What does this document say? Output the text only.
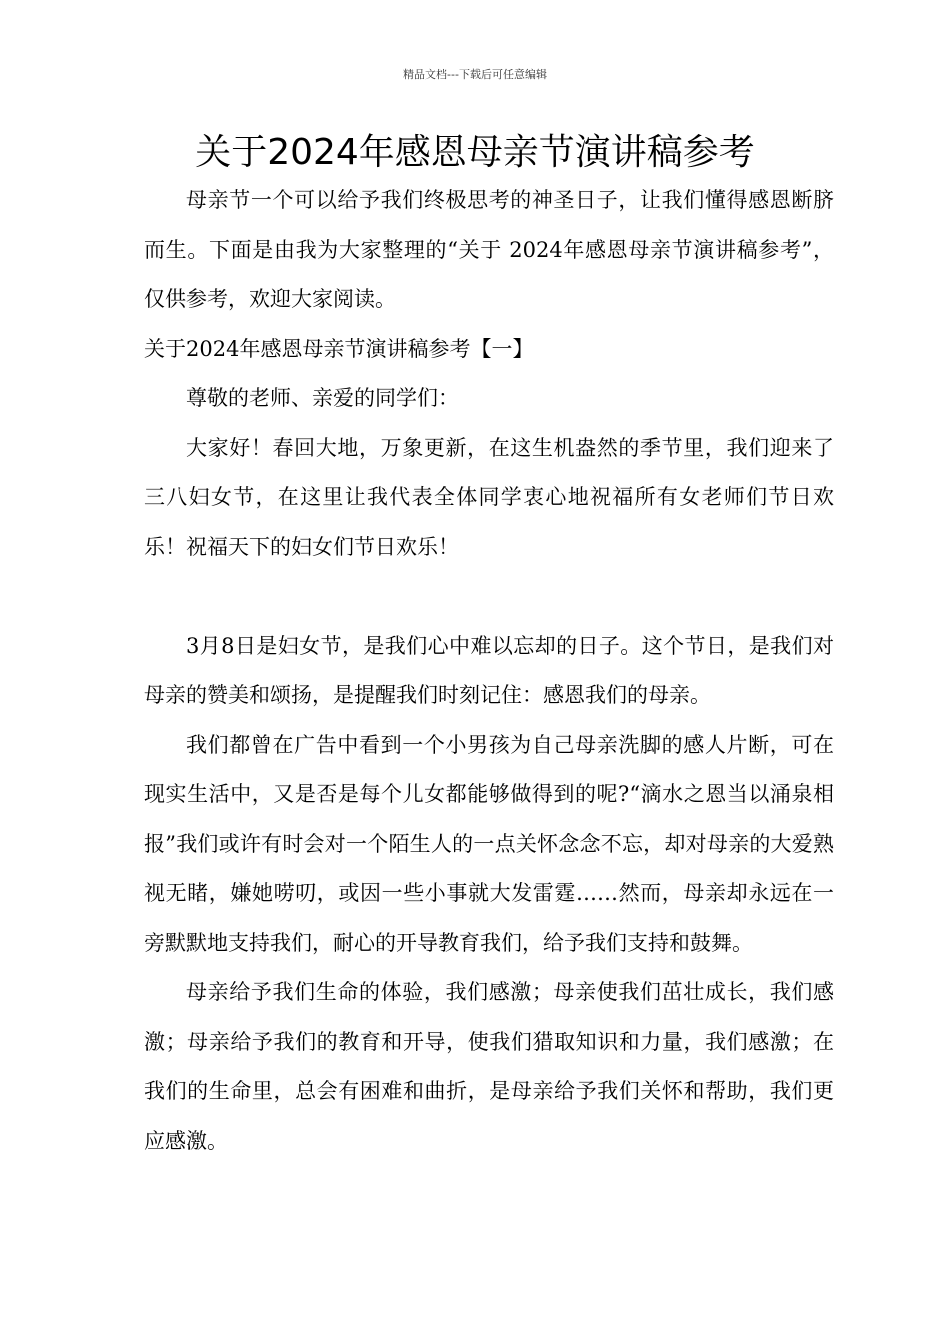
精品文档---下载后可任意编辑
关于2024年感恩母亲节演讲稿参考

母亲节一个可以给予我们终极思考的神圣日子，让我们懂得感恩断脐而生。下面是由我为大家整理的“关于 2024年感恩母亲节演讲稿参考”，仅供参考，欢迎大家阅读。

关于2024年感恩母亲节演讲稿参考【一】

尊敬的老师、亲爱的同学们：

大家好！春回大地，万象更新，在这生机盎然的季节里，我们迎来了三八妇女节，在这里让我代表全体同学衷心地祝福所有女老师们节日欢乐！祝福天下的妇女们节日欢乐！

3月8日是妇女节，是我们心中难以忘却的日子。这个节日，是我们对母亲的赞美和颂扬，是提醒我们时刻记住：感恩我们的母亲。

我们都曾在广告中看到一个小男孩为自己母亲洗脚的感人片断，可在现实生活中，又是否是每个儿女都能够做得到的呢?“滴水之恩当以涌泉相报”我们或许有时会对一个陌生人的一点关怀念念不忘，却对母亲的大爱熟视无睹，嫌她唠叨，或因一些小事就大发雷霆……然而，母亲却永远在一旁默默地支持我们，耐心的开导教育我们，给予我们支持和鼓舞。

母亲给予我们生命的体验，我们感激；母亲使我们茁壮成长，我们感激；母亲给予我们的教育和开导，使我们猎取知识和力量，我们感激；在我们的生命里，总会有困难和曲折，是母亲给予我们关怀和帮助，我们更应感激。
